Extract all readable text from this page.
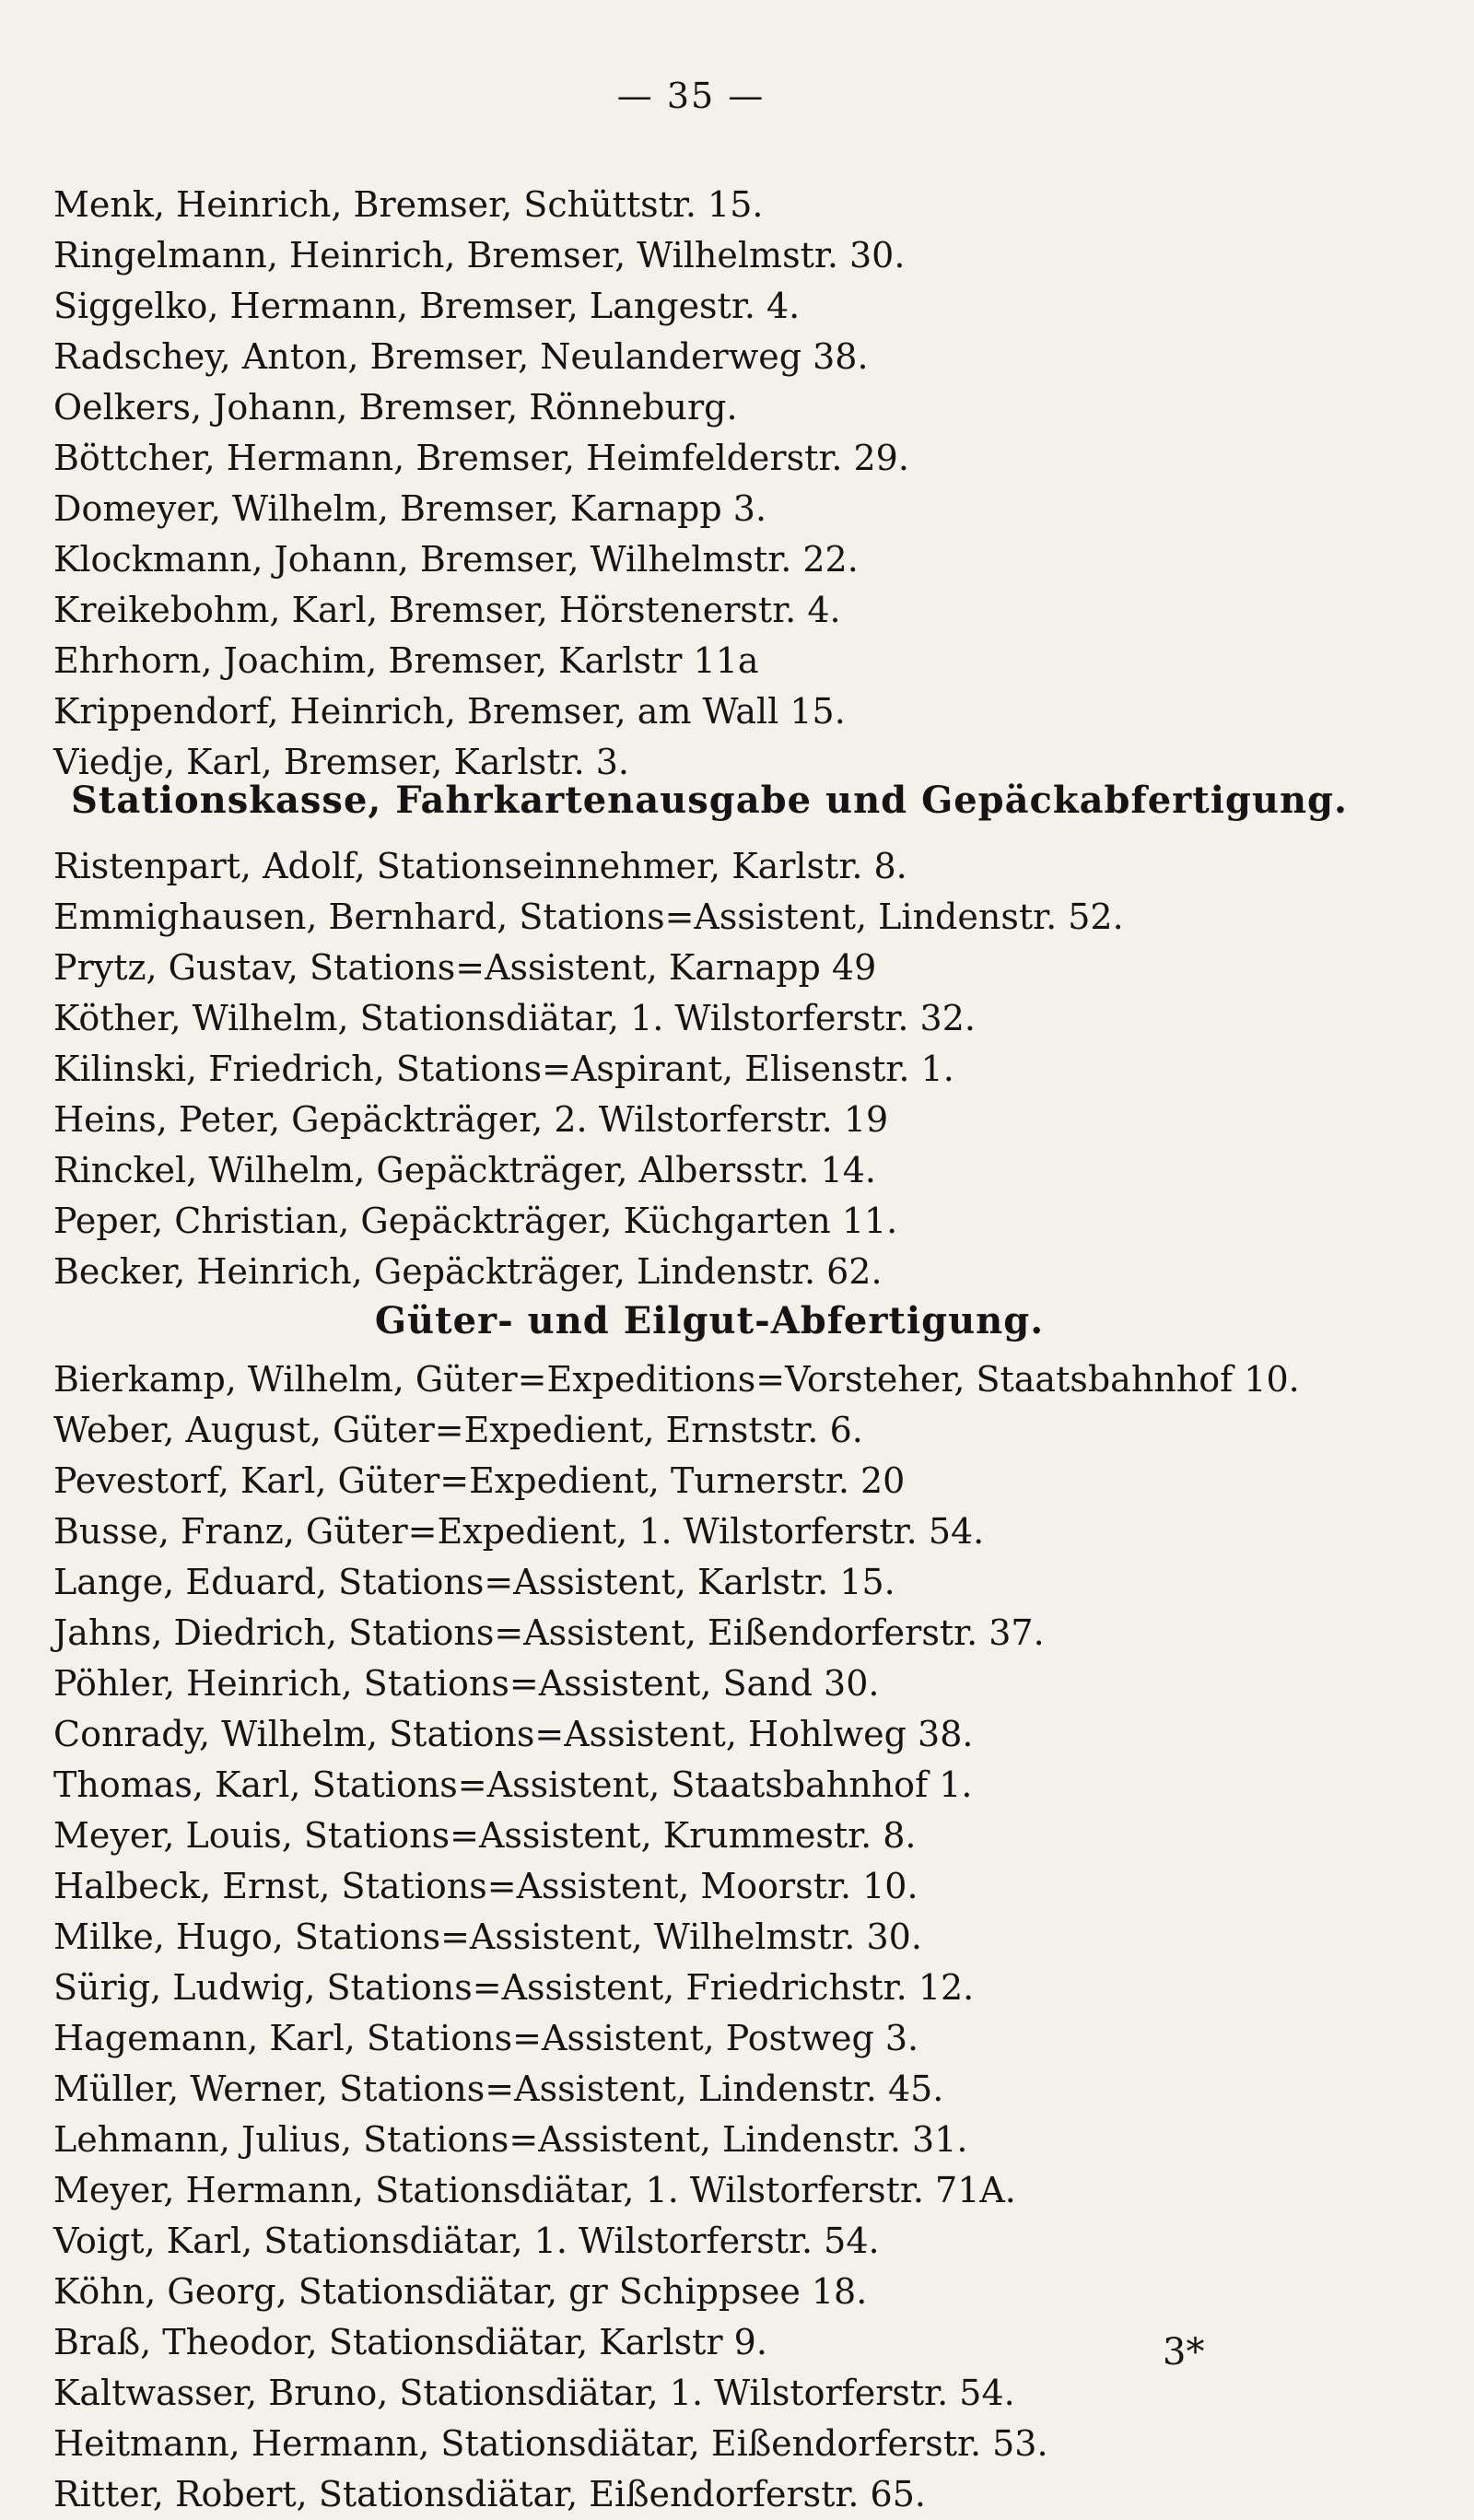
— 35 —
Menk, Heinrich, Bremser, Schüttstr. 15.
Ringelmann, Heinrich, Bremser, Wilhelmstr. 30.
Siggelko, Hermann, Bremser, Langestr. 4.
Radschey, Anton, Bremser, Neulanderweg 38.
Oelkers, Johann, Bremser, Rönneburg.
Böttcher, Hermann, Bremser, Heimfelderstr. 29.
Domeyer, Wilhelm, Bremser, Karnapp 3.
Klockmann, Johann, Bremser, Wilhelmstr. 22.
Kreikebohm, Karl, Bremser, Hörstenerstr. 4.
Ehrhorn, Joachim, Bremser, Karlstr 11a
Krippendorf, Heinrich, Bremser, am Wall 15.
Viedje, Karl, Bremser, Karlstr. 3.
Stationskasse, Fahrkartenausgabe und Gepäckabfertigung.
Ristenpart, Adolf, Stationseinnehmer, Karlstr. 8.
Emmighausen, Bernhard, Stations=Assistent, Lindenstr. 52.
Prytz, Gustav, Stations=Assistent, Karnapp 49
Köther, Wilhelm, Stationsdiätar, 1. Wilstorferstr. 32.
Kilinski, Friedrich, Stations=Aspirant, Elisenstr. 1.
Heins, Peter, Gepäckträger, 2. Wilstorferstr. 19
Rinckel, Wilhelm, Gepäckträger, Albersstr. 14.
Peper, Christian, Gepäckträger, Küchgarten 11.
Becker, Heinrich, Gepäckträger, Lindenstr. 62.
Güter- und Eilgut-Abfertigung.
Bierkamp, Wilhelm, Güter=Expeditions=Vorsteher, Staatsbahnhof 10.
Weber, August, Güter=Expedient, Ernststr. 6.
Pevestorf, Karl, Güter=Expedient, Turnerstr. 20
Busse, Franz, Güter=Expedient, 1. Wilstorferstr. 54.
Lange, Eduard, Stations=Assistent, Karlstr. 15.
Jahns, Diedrich, Stations=Assistent, Eißendorferstr. 37.
Pöhler, Heinrich, Stations=Assistent, Sand 30.
Conrady, Wilhelm, Stations=Assistent, Hohlweg 38.
Thomas, Karl, Stations=Assistent, Staatsbahnhof 1.
Meyer, Louis, Stations=Assistent, Krummestr. 8.
Halbeck, Ernst, Stations=Assistent, Moorstr. 10.
Milke, Hugo, Stations=Assistent, Wilhelmstr. 30.
Sürig, Ludwig, Stations=Assistent, Friedrichstr. 12.
Hagemann, Karl, Stations=Assistent, Postweg 3.
Müller, Werner, Stations=Assistent, Lindenstr. 45.
Lehmann, Julius, Stations=Assistent, Lindenstr. 31.
Meyer, Hermann, Stationsdiätar, 1. Wilstorferstr. 71A.
Voigt, Karl, Stationsdiätar, 1. Wilstorferstr. 54.
Köhn, Georg, Stationsdiätar, gr Schippsee 18.
Braß, Theodor, Stationsdiätar, Karlstr 9.
Kaltwasser, Bruno, Stationsdiätar, 1. Wilstorferstr. 54.
Heitmann, Hermann, Stationsdiätar, Eißendorferstr. 53.
Ritter, Robert, Stationsdiätar, Eißendorferstr. 65.
3*
